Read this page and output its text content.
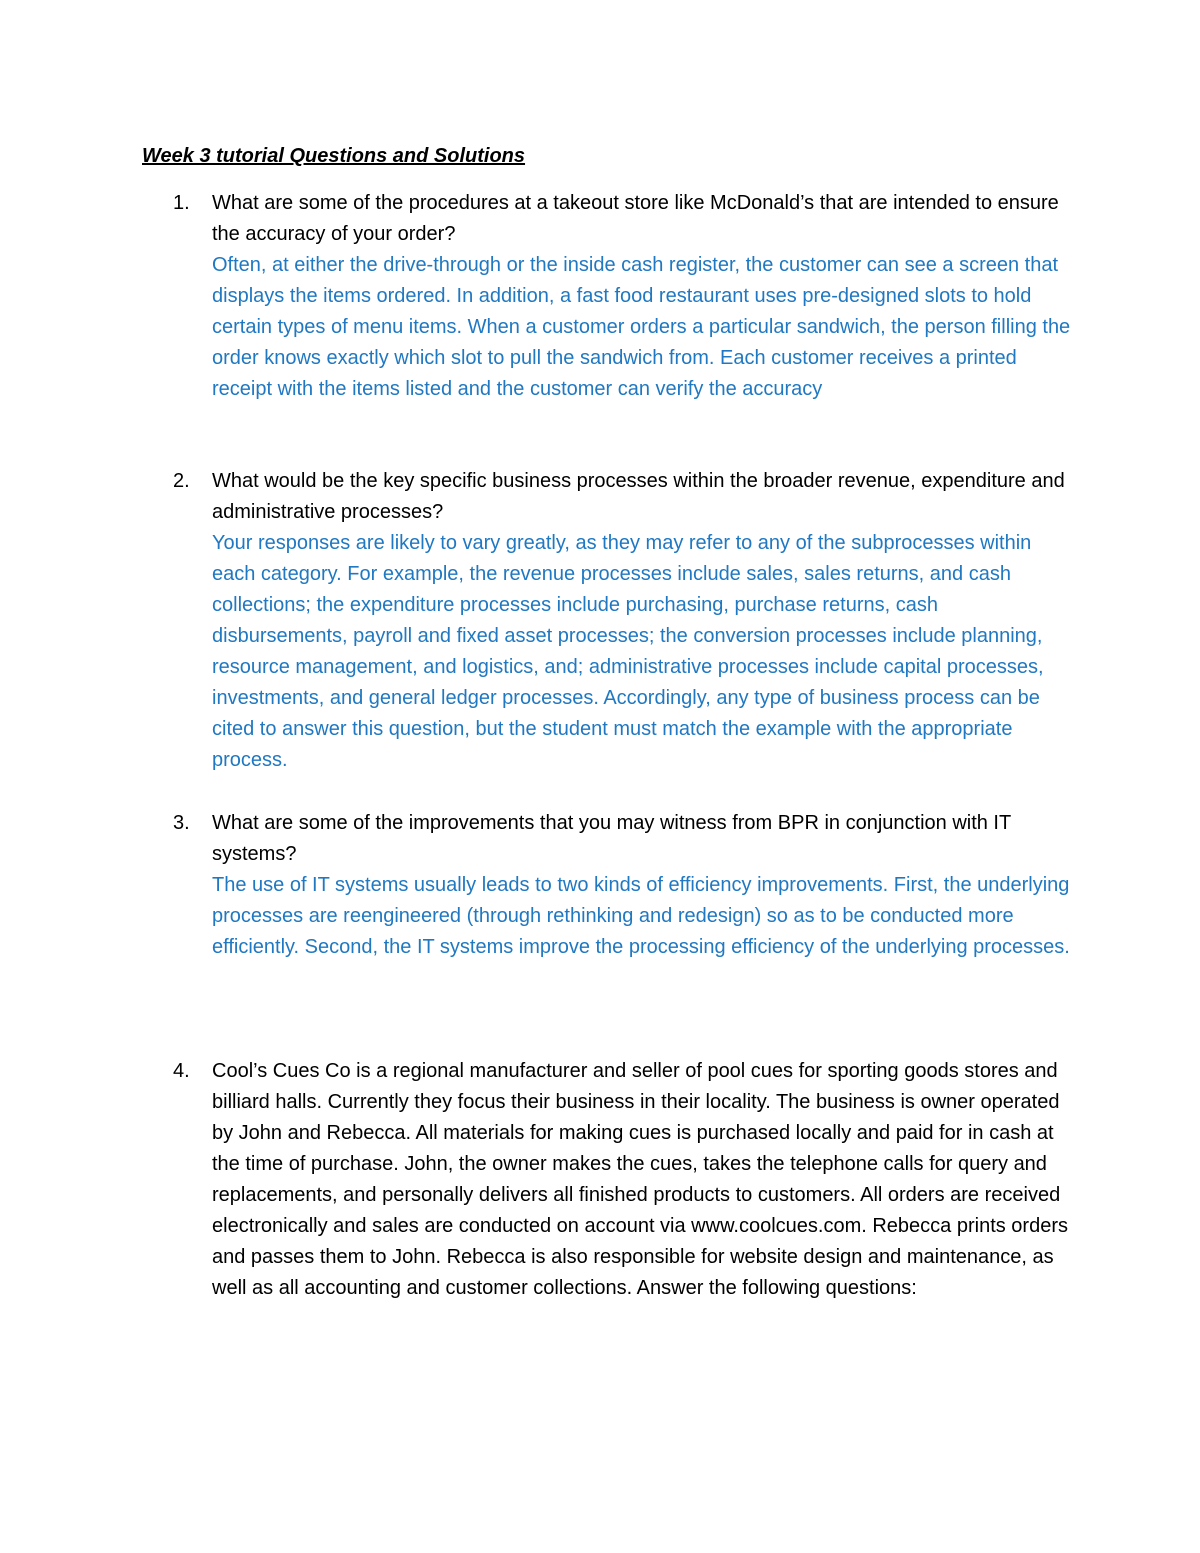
Week 3 tutorial Questions and Solutions
1. What are some of the procedures at a takeout store like McDonald’s that are intended to ensure the accuracy of your order?
Often, at either the drive-through or the inside cash register, the customer can see a screen that displays the items ordered. In addition, a fast food restaurant uses pre-designed slots to hold certain types of menu items. When a customer orders a particular sandwich, the person filling the order knows exactly which slot to pull the sandwich from. Each customer receives a printed receipt with the items listed and the customer can verify the accuracy
2. What would be the key specific business processes within the broader revenue, expenditure and administrative processes?
Your responses are likely to vary greatly, as they may refer to any of the subprocesses within each category. For example, the revenue processes include sales, sales returns, and cash collections; the expenditure processes include purchasing, purchase returns, cash disbursements, payroll and fixed asset processes; the conversion processes include planning, resource management, and logistics, and; administrative processes include capital processes, investments, and general ledger processes. Accordingly, any type of business process can be cited to answer this question, but the student must match the example with the appropriate process.
3. What are some of the improvements that you may witness from BPR in conjunction with IT systems?
The use of IT systems usually leads to two kinds of efficiency improvements. First, the underlying processes are reengineered (through rethinking and redesign) so as to be conducted more efficiently. Second, the IT systems improve the processing efficiency of the underlying processes.
4. Cool’s Cues Co is a regional manufacturer and seller of pool cues for sporting goods stores and billiard halls. Currently they focus their business in their locality. The business is owner operated by John and Rebecca. All materials for making cues is purchased locally and paid for in cash at the time of purchase. John, the owner makes the cues, takes the telephone calls for query and replacements, and personally delivers all finished products to customers. All orders are received electronically and sales are conducted on account via www.coolcues.com. Rebecca prints orders and passes them to John. Rebecca is also responsible for website design and maintenance, as well as all accounting and customer collections. Answer the following questions:
